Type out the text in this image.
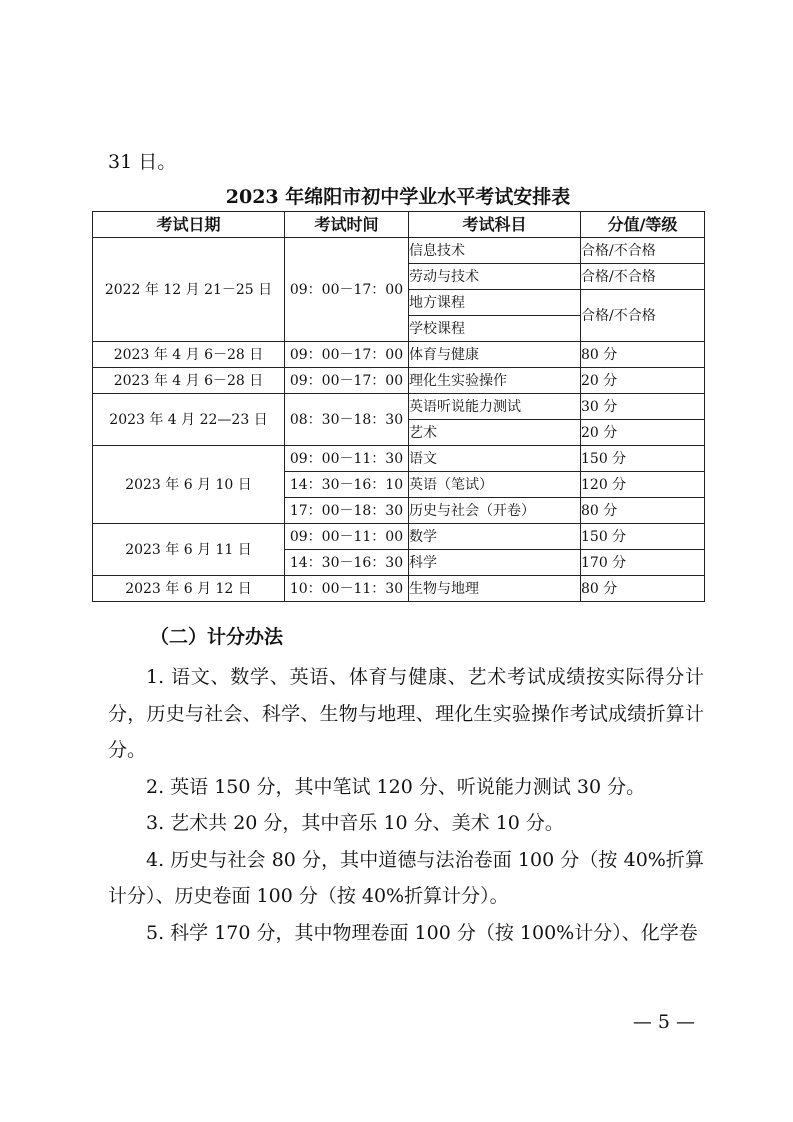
31 日。
2023 年绵阳市初中学业水平考试安排表
考试日期	考试时间	考试科目	分值/等级
2022 年 12 月 21－25 日	09：00－17：00	信息技术	合格/不合格
		劳动与技术	合格/不合格
		地方课程	合格/不合格
		学校课程	
2023 年 4 月 6－28 日	09：00－17：00	体育与健康	80 分
2023 年 4 月 6－28 日	09：00－17：00	理化生实验操作	20 分
2023 年 4 月 22—23 日	08：30－18：30	英语听说能力测试	30 分
		艺术	20 分
2023 年 6 月 10 日	09：00－11：30	语文	150 分
	14：30－16：10	英语（笔试）	120 分
	17：00－18：30	历史与社会（开卷）	80 分
2023 年 6 月 11 日	09：00－11：00	数学	150 分
	14：30－16：30	科学	170 分
2023 年 6 月 12 日	10：00－11：30	生物与地理	80 分
（二）计分办法

1. 语文、数学、英语、体育与健康、艺术考试成绩按实际得分计分，历史与社会、科学、生物与地理、理化生实验操作考试成绩折算计分。

2. 英语 150 分，其中笔试 120 分、听说能力测试 30 分。

3. 艺术共 20 分，其中音乐 10 分、美术 10 分。

4. 历史与社会 80 分，其中道德与法治卷面 100 分（按 40%折算计分）、历史卷面 100 分（按 40%折算计分）。

5. 科学 170 分，其中物理卷面 100 分（按 100%计分）、化学卷

— 5 —
